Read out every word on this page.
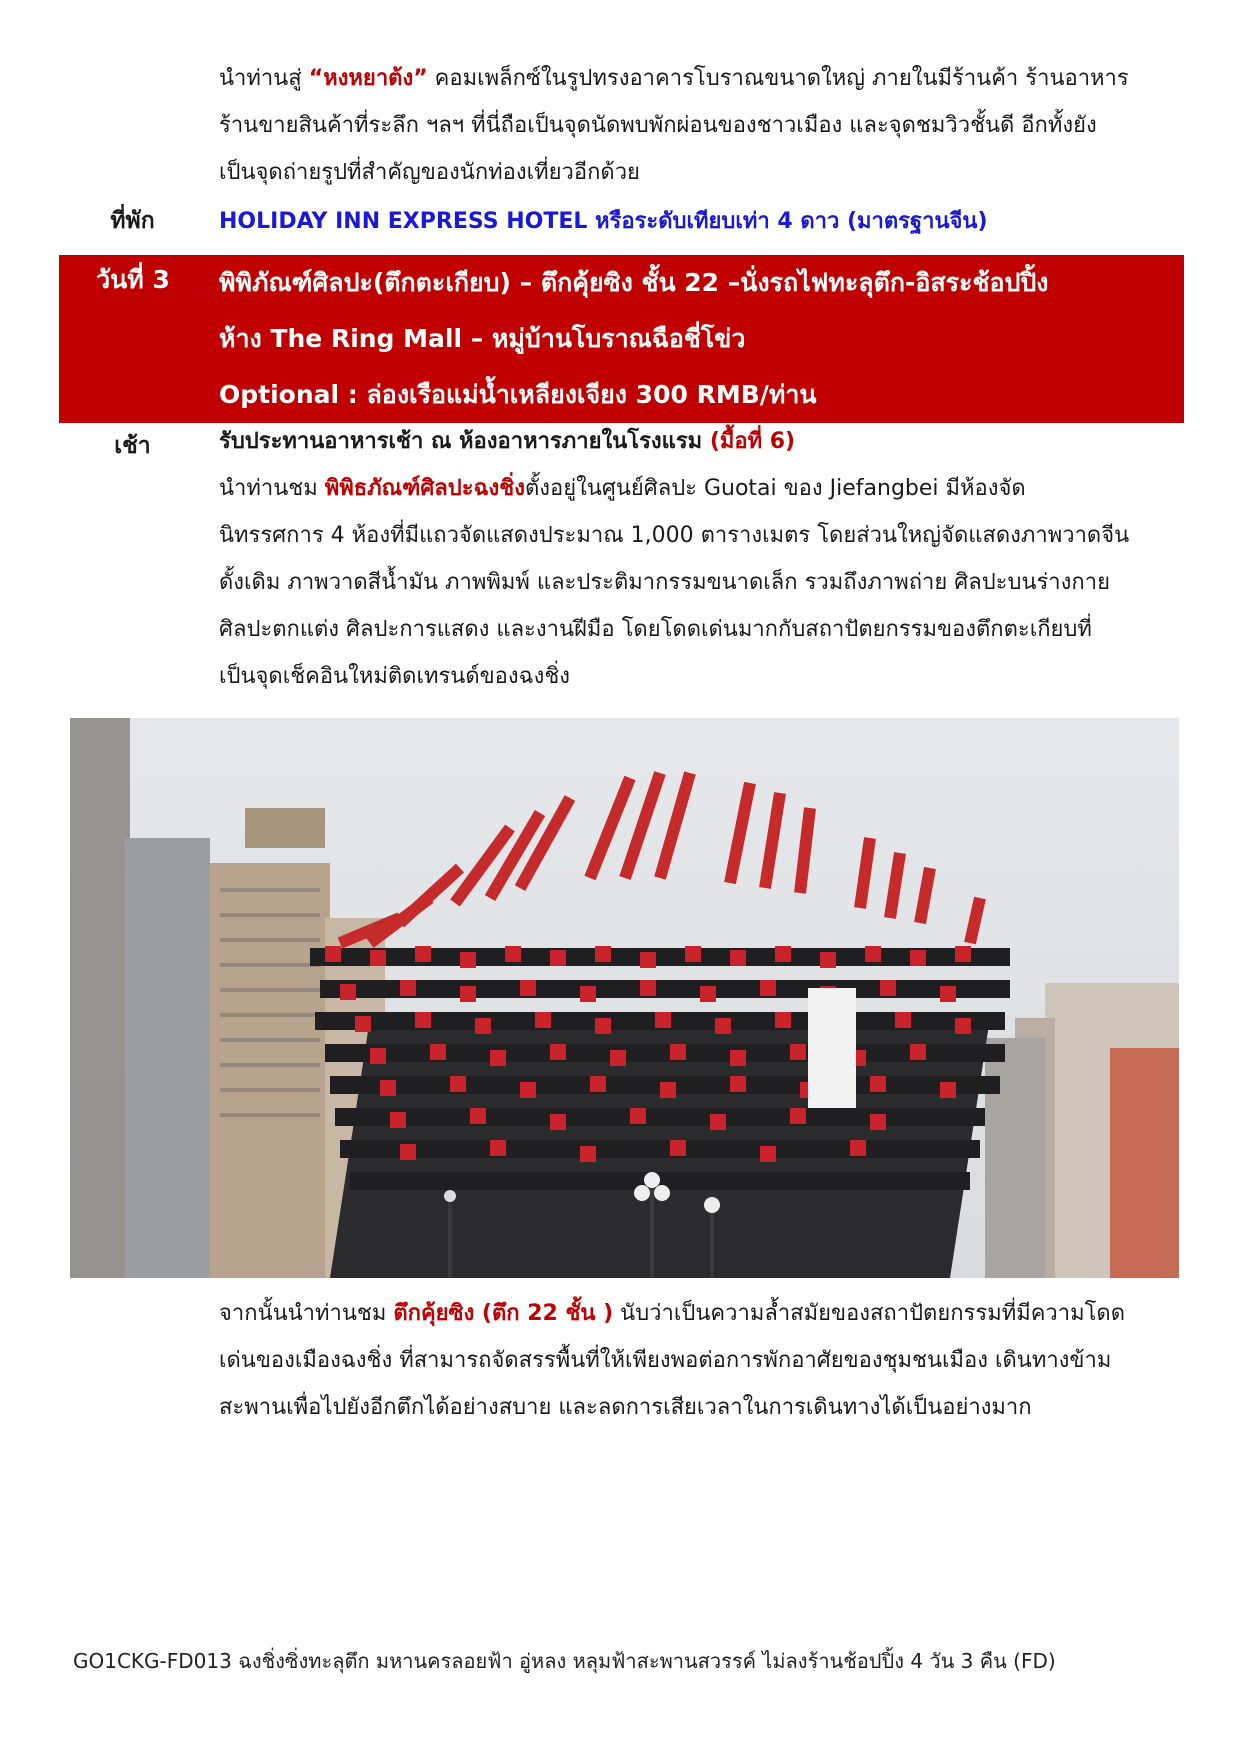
นำท่านสู่ “หงหยาต้ง” คอมเพล็กซ์ในรูปทรงอาคารโบราณขนาดใหญ่ ภายในมีร้านค้า ร้านอาหาร

ร้านขายสินค้าที่ระลึก ฯลฯ ที่นี่ถือเป็นจุดนัดพบพักผ่อนของชาวเมือง และจุดชมวิวชั้นดี อีกทั้งยัง

เป็นจุดถ่ายรูปที่สำคัญของนักท่องเที่ยวอีกด้วย

ที่พัก	HOLIDAY INN EXPRESS HOTEL หรือระดับเทียบเท่า 4 ดาว (มาตรฐานจีน)
วันที่ 3	พิพิภัณฑ์ศิลปะ(ตึกตะเกียบ) – ตึกคุ้ยซิง ชั้น 22 –นั่งรถไฟทะลุตึก-อิสระช้อปปิ้ง
ห้าง The Ring Mall – หมู่บ้านโบราณฉือชี่โข่ว
Optional : ล่องเรือแม่น้ำเหลียงเจียง 300 RMB/ท่าน
เช้า	รับประทานอาหารเช้า ณ ห้องอาหารภายในโรงแรม (มื้อที่ 6)

นำท่านชม พิพิธภัณฑ์ศิลปะฉงชิ่งตั้งอยู่ในศูนย์ศิลปะ Guotai ของ Jiefangbei มีห้องจัด

นิทรรศการ 4 ห้องที่มีแถวจัดแสดงประมาณ 1,000 ตารางเมตร โดยส่วนใหญ่จัดแสดงภาพวาดจีน

ดั้งเดิม ภาพวาดสีน้ำมัน ภาพพิมพ์ และประติมากรรมขนาดเล็ก รวมถึงภาพถ่าย ศิลปะบนร่างกาย

ศิลปะตกแต่ง ศิลปะการแสดง และงานฝีมือ โดยโดดเด่นมากกับสถาปัตยกรรมของตึกตะเกียบที่

เป็นจุดเช็คอินใหม่ติดเทรนด์ของฉงชิ่ง

จากนั้นนำท่านชม ตึกคุ้ยซิง (ตึก 22 ชั้น ) นับว่าเป็นความล้ำสมัยของสถาปัตยกรรมที่มีความโดด

เด่นของเมืองฉงชิ่ง ที่สามารถจัดสรรพื้นที่ให้เพียงพอต่อการพักอาศัยของชุมชนเมือง เดินทางข้าม

สะพานเพื่อไปยังอีกตึกได้อย่างสบาย และลดการเสียเวลาในการเดินทางได้เป็นอย่างมาก

GO1CKG-FD013 ฉงชิ่งซิ่งทะลุตึก มหานครลอยฟ้า อู่หลง หลุมฟ้าสะพานสวรรค์ ไม่ลงร้านช้อปปิ้ง 4 วัน 3 คืน (FD)
